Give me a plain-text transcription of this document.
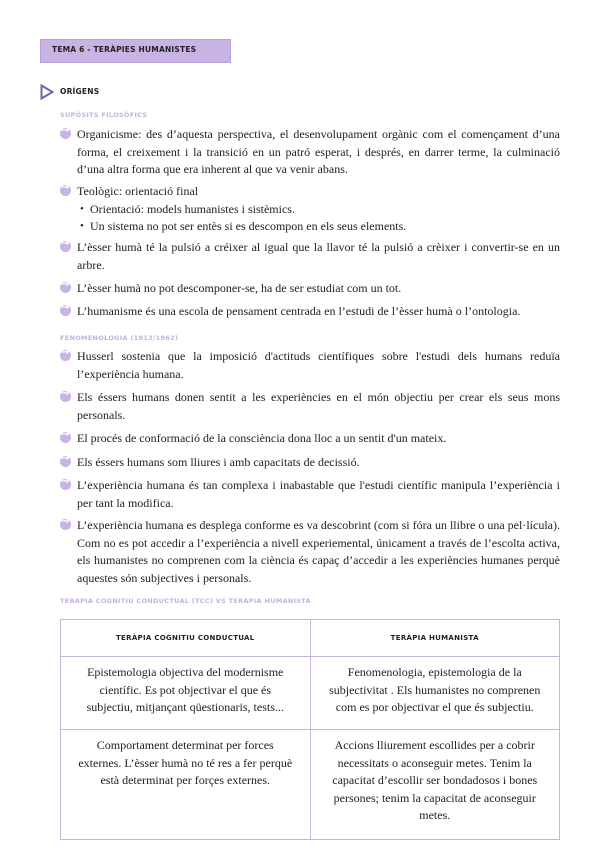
TEMA 6 - TERÀPIES HUMANISTES
ORÍGENS
SUPÒSITS FILOSÒFICS
→

Organicisme: des d’aquesta perspectiva, el desenvolupament orgànic com el començament d’una forma, el creixement i la transició en un patró esperat, i després, en darrer terme, la culminació d’una altra forma que era inherent al que va venir abans.

→

Teològic: orientació final

• Orientació: models humanistes i sistèmics.
• Un sistema no pot ser entès si es descompon en els seus elements.
→

L’èsser humà té la pulsió a créixer al igual que la llavor té la pulsió a crèixer i convertir-se en un arbre.

→

L’èsser humà no pot descomponer-se, ha de ser estudiat com un tot.

→

L’humanisme és una escola de pensament centrada en l’estudi de l’èsser humà o l’ontologia.

FENOMENOLOGIA (1913/1962)
→

Husserl sostenia que la imposició d'actituds científiques sobre l'estudi dels humans reduïa l’experiència humana.

→

Els éssers humans donen sentit a les experiències en el món objectiu per crear els seus mons personals.

→

El procés de conformació de la consciència dona lloc a un sentit d'un mateix.

→

Els éssers humans som lliures i amb capacitats de decissió.

→

L’experiència humana és tan complexa i inabastable que l'estudi científic manipula l’experiència i per tant la modifica.

→

L’experiència humana es desplega conforme es va descobrint (com si fóra un llibre o una pel·lícula). Com no es pot accedir a l’experiència a nivell experiemental, únicament a través de l’escolta activa, els humanistes no comprenen com la ciència és capaç d’accedir a les experiències humanes perquè aquestes són subjectives i personals.

TERÀPIA COGNITIU CONDUCTUAL (TCC) VS TERÀPIA HUMANISTA
TERÀPIA COGNITIU CONDUCTUAL	TERÀPIA HUMANISTA
Epistemologia objectiva del modernisme científic. Es pot objectivar el que és subjectiu, mitjançant qüestionaris, tests...	Fenomenologia, epistemologia de la subjectivitat . Els humanistes no comprenen com es por objectivar el que és subjectiu.
Comportament determinat per forces externes. L’èsser humà no té res a fer perquè està determinat per forçes externes.	Accions lliurement escollides per a cobrir necessitats o aconseguir metes. Tenim la capacitat d’escollir ser bondadosos i bones persones; tenim la capacitat de aconseguir metes.
